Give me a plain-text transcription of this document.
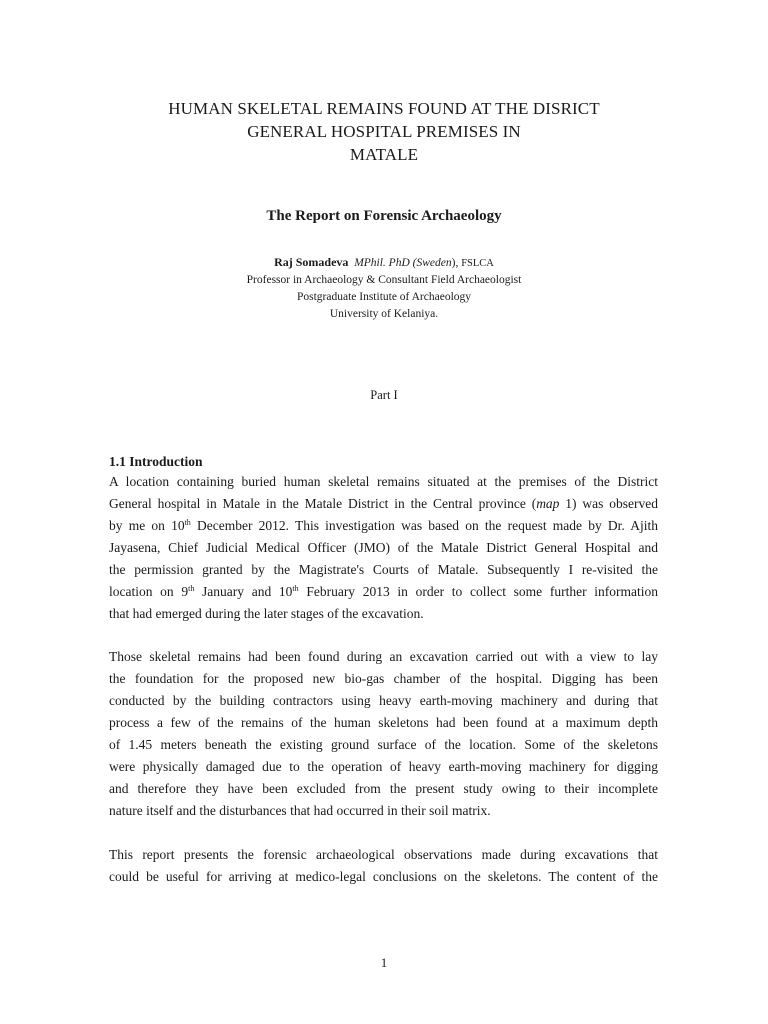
HUMAN SKELETAL REMAINS FOUND AT THE DISRICT
GENERAL HOSPITAL PREMISES IN
MATALE
The Report on Forensic Archaeology
Raj Somadeva MPhil. PhD (Sweden), FSLCA
Professor in Archaeology & Consultant Field Archaeologist
Postgraduate Institute of Archaeology
University of Kelaniya.
Part I
1.1 Introduction
A location containing buried human skeletal remains situated at the premises of the District
General hospital in Matale in the Matale District in the Central province (map 1) was observed
by me on 10th December 2012. This investigation was based on the request made by Dr. Ajith
Jayasena, Chief Judicial Medical Officer (JMO) of the Matale District General Hospital and
the permission granted by the Magistrate's Courts of Matale. Subsequently I re-visited the
location on 9th January and 10th February 2013 in order to collect some further information
that had emerged during the later stages of the excavation.
Those skeletal remains had been found during an excavation carried out with a view to lay
the foundation for the proposed new bio-gas chamber of the hospital. Digging has been
conducted by the building contractors using heavy earth-moving machinery and during that
process a few of the remains of the human skeletons had been found at a maximum depth
of 1.45 meters beneath the existing ground surface of the location. Some of the skeletons
were physically damaged due to the operation of heavy earth-moving machinery for digging
and therefore they have been excluded from the present study owing to their incomplete
nature itself and the disturbances that had occurred in their soil matrix.
This report presents the forensic archaeological observations made during excavations that
could be useful for arriving at medico-legal conclusions on the skeletons. The content of the
1
